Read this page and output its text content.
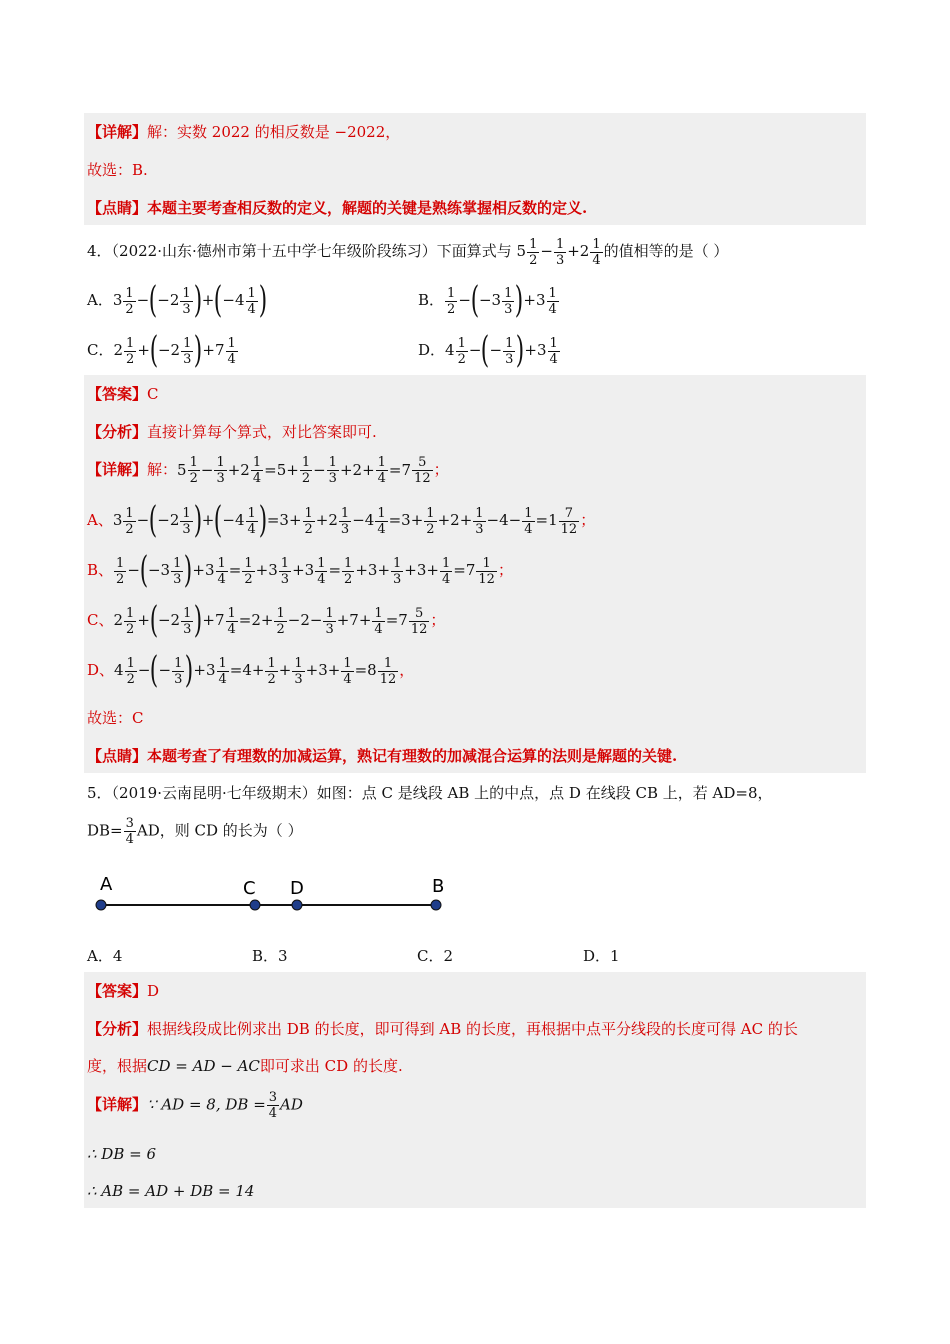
【详解】解：实数 2022 的相反数是 −2022，
故选：B.
【点睛】本题主要考查相反数的定义，解题的关键是熟练掌握相反数的定义.
4．（2022·山东·德州市第十五中学七年级阶段练习）下面算式与 $5 \frac{1}{2} - \frac{1}{3} +2 \frac{1}{4}$ 的值相等的是（ ）
A．$3 \frac{1}{2} -(-2 \frac{1}{3} )+(-4 \frac{1}{4}$ )	B． $\frac{1}{2} -(-3 \frac{1}{3} )+3 \frac{1}{4}$
C．$2 \frac{1}{2} +(-2 \frac{1}{3} )+7 \frac{1}{4}$	D．$4 \frac{1}{2}$ −(− $\frac{1}{3} )+3 \frac{1}{4}$
【答案】C
【分析】直接计算每个算式，对比答案即可.
【详解】解：$5 \frac{1}{2} - \frac{1}{3} +2 \frac{1}{4} =5+ \frac{1}{2} - \frac{1}{3} +2+ \frac{1}{4} =7 \frac{5}{12}$ ；
A、$3 \frac{1}{2} -(-2 \frac{1}{3} )+(-4 \frac{1}{4} )=3+ \frac{1}{2} +2 \frac{1}{3} -4 \frac{1}{4} =3+ \frac{1}{2} +2+ \frac{1}{3} -4- \frac{1}{4} =1 \frac{7}{12}$ ；
B、 $\frac{1}{2} -(-3 \frac{1}{3} )+3 \frac{1}{4} = \frac{1}{2} +3 \frac{1}{3} +3 \frac{1}{4} = \frac{1}{2} +3+ \frac{1}{3} +3+ \frac{1}{4} =7 \frac{1}{12}$ ；
C、$2 \frac{1}{2} +(-2 \frac{1}{3} )+7 \frac{1}{4} =2+ \frac{1}{2} -2- \frac{1}{3} +7+ \frac{1}{4} =7 \frac{5}{12}$ ；
D、$4 \frac{1}{2}$ −(− $\frac{1}{3} )+3 \frac{1}{4} =4+ \frac{1}{2} + \frac{1}{3} +3+ \frac{1}{4} =8 \frac{1}{12}$ ，
故选：C
【点睛】本题考查了有理数的加减运算，熟记有理数的加减混合运算的法则是解题的关键.
5．（2019·云南昆明·七年级期末）如图：点 C 是线段 AB 上的中点，点 D 在线段 CB 上，若 AD=8，
$DB= \frac{3}{4}$ AD，则 CD 的长为（ ）
A	C D	B
A．4	B．3	C．2	D．1
【答案】D
【分析】根据线段成比例求出 DB 的长度，即可得到 AB 的长度，再根据中点平分线段的长度可得 AC 的长
度，根据CD = AD − AC即可求出 CD 的长度.
【详解】∵ AD = 8, DB = $\frac{3}{4}$ AD
∴ DB = 6
∴ AB = AD + DB = 14
